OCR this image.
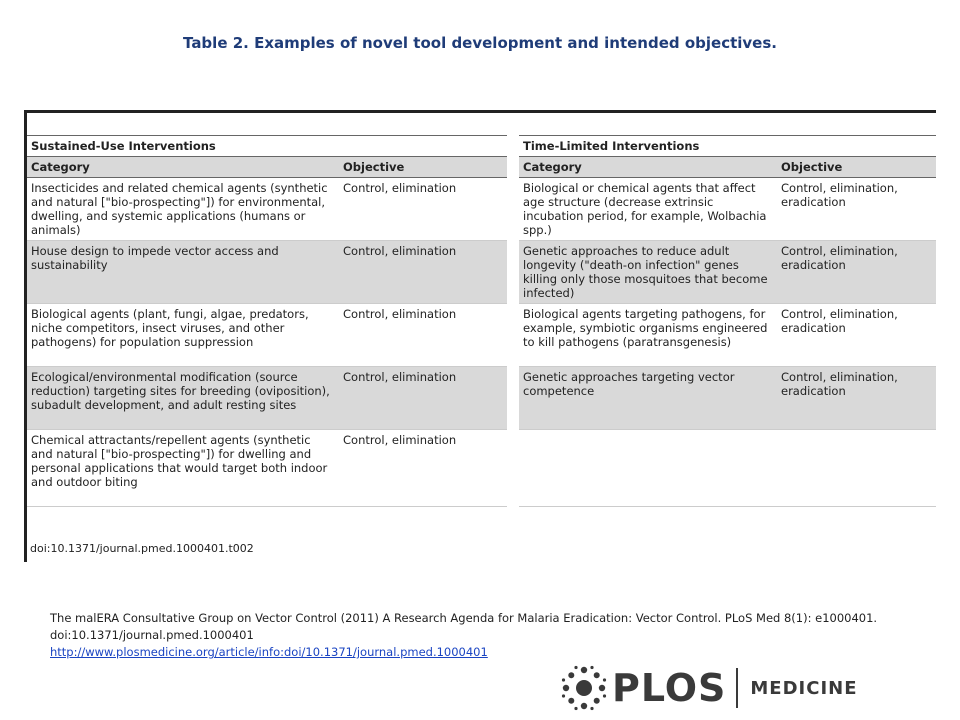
Table 2. Examples of novel tool development and intended objectives.
Sustained-Use Interventions			Time-Limited Interventions	
Category	Objective		Category	Objective
Insecticides and related chemical agents (synthetic and natural ["bio-prospecting"]) for environmental, dwelling, and systemic applications (humans or animals)	Control, elimination		Biological or chemical agents that affect age structure (decrease extrinsic incubation period, for example, Wolbachia spp.)	Control, elimination, eradication
House design to impede vector access and sustainability	Control, elimination		Genetic approaches to reduce adult longevity ("death-on infection" genes killing only those mosquitoes that become infected)	Control, elimination, eradication
Biological agents (plant, fungi, algae, predators, niche competitors, insect viruses, and other pathogens) for population suppression	Control, elimination		Biological agents targeting pathogens, for example, symbiotic organisms engineered to kill pathogens (paratransgenesis)	Control, elimination, eradication
Ecological/environmental modification (source reduction) targeting sites for breeding (oviposition), subadult development, and adult resting sites	Control, elimination		Genetic approaches targeting vector competence	Control, elimination, eradication
Chemical attractants/repellent agents (synthetic and natural ["bio-prospecting"]) for dwelling and personal applications that would target both indoor and outdoor biting	Control, elimination			
doi:10.1371/journal.pmed.1000401.t002
The malERA Consultative Group on Vector Control (2011) A Research Agenda for Malaria Eradication: Vector Control. PLoS Med 8(1): e1000401.
doi:10.1371/journal.pmed.1000401
http://www.plosmedicine.org/article/info:doi/10.1371/journal.pmed.1000401
PLOS MEDICINE
